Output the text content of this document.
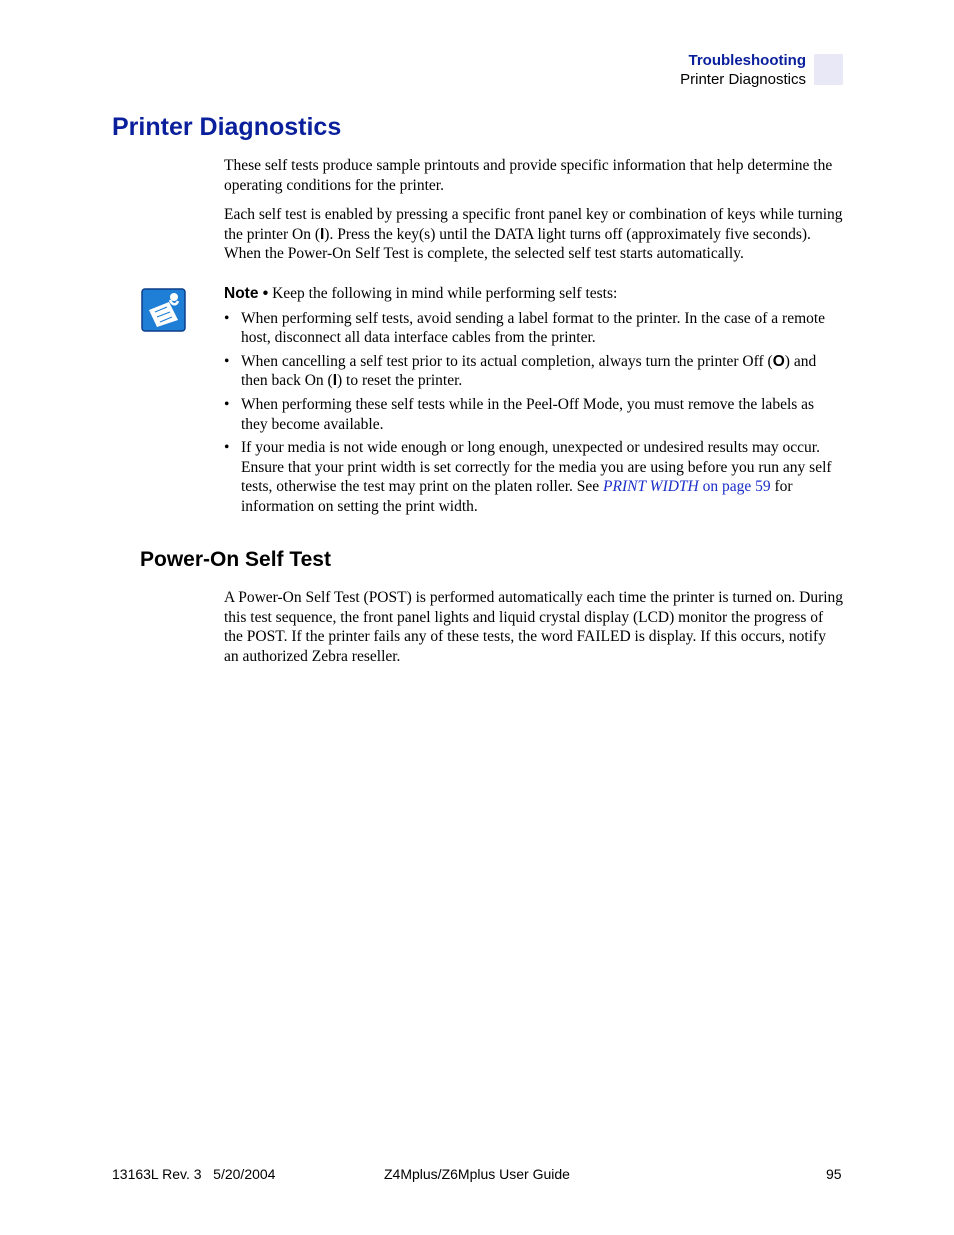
Troubleshooting
Printer Diagnostics
Printer Diagnostics

These self tests produce sample printouts and provide specific information that help determine the operating conditions for the printer.

Each self test is enabled by pressing a specific front panel key or combination of keys while turning the printer On (I). Press the key(s) until the DATA light turns off (approximately five seconds). When the Power-On Self Test is complete, the selected self test starts automatically.

Note • Keep the following in mind while performing self tests:

• When performing self tests, avoid sending a label format to the printer. In the case of a remote host, disconnect all data interface cables from the printer.
• When cancelling a self test prior to its actual completion, always turn the printer Off (O) and then back On (I) to reset the printer.
• When performing these self tests while in the Peel-Off Mode, you must remove the labels as they become available.
• If your media is not wide enough or long enough, unexpected or undesired results may occur. Ensure that your print width is set correctly for the media you are using before you run any self tests, otherwise the test may print on the platen roller. See PRINT WIDTH on page 59 for information on setting the print width.
Power-On Self Test

A Power-On Self Test (POST) is performed automatically each time the printer is turned on. During this test sequence, the front panel lights and liquid crystal display (LCD) monitor the progress of the POST. If the printer fails any of these tests, the word FAILED is display. If this occurs, notify an authorized Zebra reseller.

13163L Rev. 3   5/20/2004	Z4Mplus/Z6Mplus User Guide	95
